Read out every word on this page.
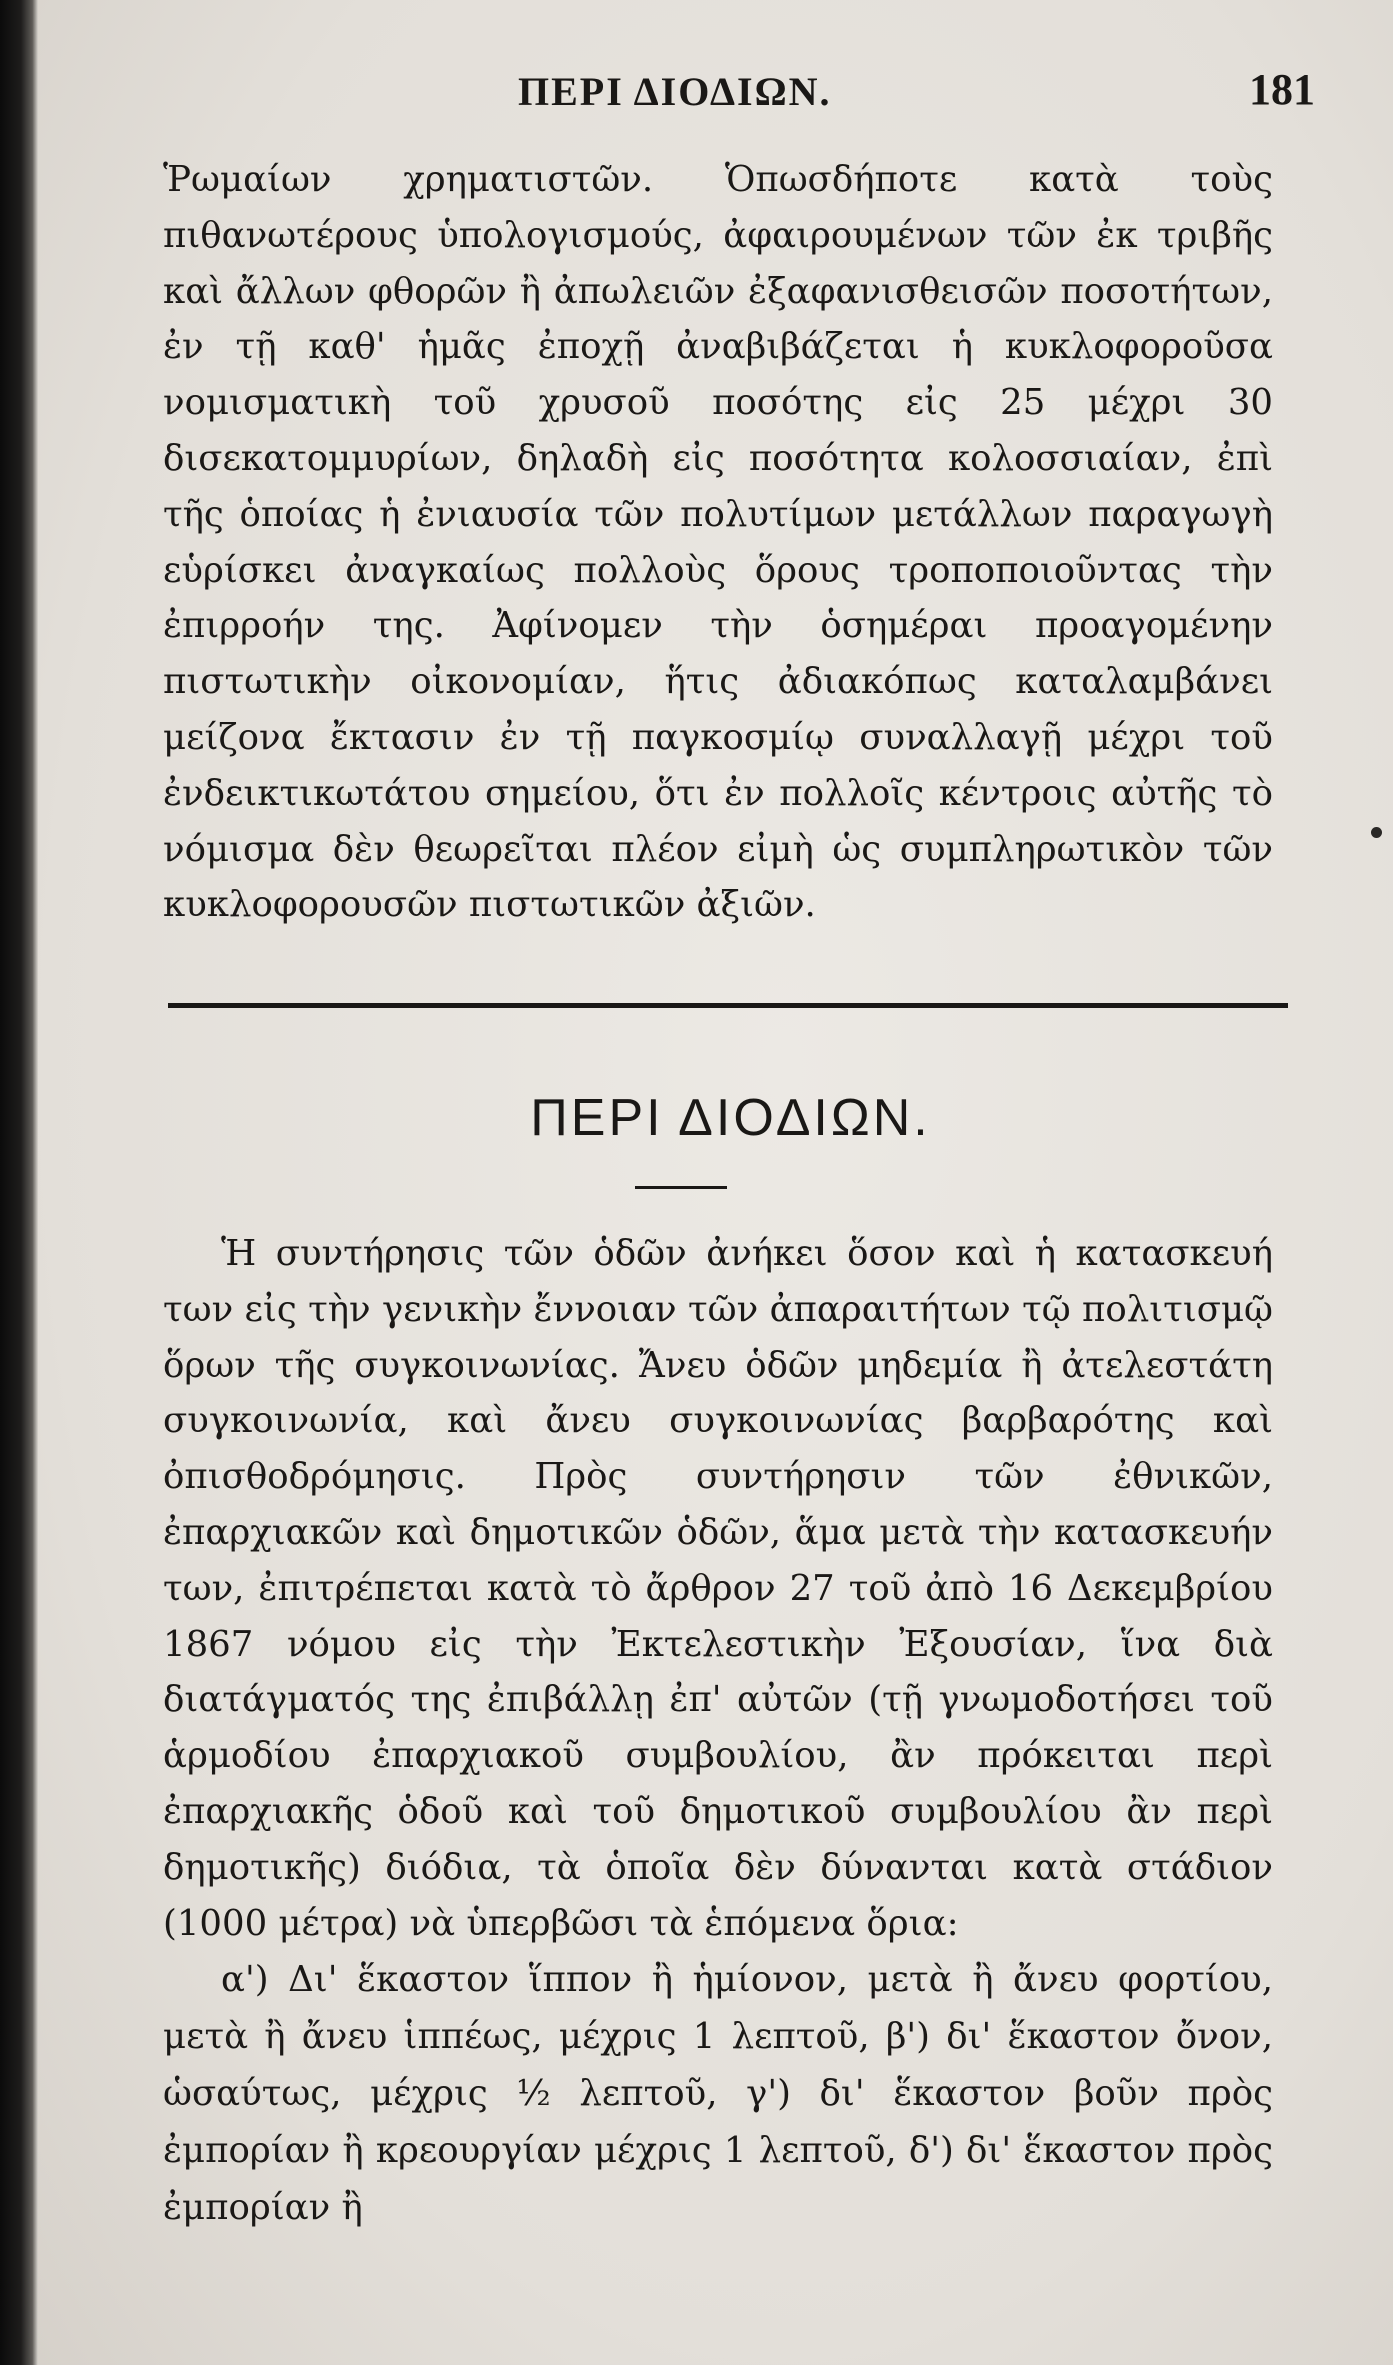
ΠΕΡΙ ΔΙΟΔΙΩΝ.	181

Ῥωμαίων χρηματιστῶν. Ὁπωσδήποτε κατὰ τοὺς πιθανωτέρους ὑπολογισμούς, ἀφαιρουμένων τῶν ἐκ τριβῆς καὶ ἄλλων φθορῶν ἢ ἀπωλειῶν ἐξαφανισθεισῶν ποσοτήτων, ἐν τῇ καθ' ἡμᾶς ἐποχῇ ἀναβιβάζεται ἡ κυκλοφοροῦσα νομισματικὴ τοῦ χρυσοῦ ποσότης εἰς 25 μέχρι 30 δισεκατομμυρίων, δηλαδὴ εἰς ποσότητα κολοσσιαίαν, ἐπὶ τῆς ὁποίας ἡ ἐνιαυσία τῶν πολυτίμων μετάλλων παραγωγὴ εὑρίσκει ἀναγκαίως πολλοὺς ὅρους τροποποιοῦντας τὴν ἐπιρροήν της. Ἀφίνομεν τὴν ὁσημέραι προαγομένην πιστωτικὴν οἰκονομίαν, ἥτις ἀδιακόπως καταλαμβάνει μείζονα ἔκτασιν ἐν τῇ παγκοσμίῳ συναλλαγῇ μέχρι τοῦ ἐνδεικτικωτάτου σημείου, ὅτι ἐν πολλοῖς κέντροις αὐτῆς τὸ νόμισμα δὲν θεωρεῖται πλέον εἰμὴ ὡς συμπληρωτικὸν τῶν κυκλοφορουσῶν πιστωτικῶν ἀξιῶν.

ΠΕΡΙ ΔΙΟΔΙΩΝ.

Ἡ συντήρησις τῶν ὁδῶν ἀνήκει ὅσον καὶ ἡ κατασκευή των εἰς τὴν γενικὴν ἔννοιαν τῶν ἀπαραιτήτων τῷ πολιτισμῷ ὅρων τῆς συγκοινωνίας. Ἄνευ ὁδῶν μηδεμία ἢ ἀτελεστάτη συγκοινωνία, καὶ ἄνευ συγκοινωνίας βαρβαρότης καὶ ὀπισθοδρόμησις. Πρὸς συντήρησιν τῶν ἐθνικῶν, ἐπαρχιακῶν καὶ δημοτικῶν ὁδῶν, ἅμα μετὰ τὴν κατασκευήν των, ἐπιτρέπεται κατὰ τὸ ἄρθρον 27 τοῦ ἀπὸ 16 Δεκεμβρίου 1867 νόμου εἰς τὴν Ἐκτελεστικὴν Ἐξουσίαν, ἵνα διὰ διατάγματός της ἐπιβάλλῃ ἐπ' αὐτῶν (τῇ γνωμοδοτήσει τοῦ ἁρμοδίου ἐπαρχιακοῦ συμβουλίου, ἂν πρόκειται περὶ ἐπαρχιακῆς ὁδοῦ καὶ τοῦ δημοτικοῦ συμβουλίου ἂν περὶ δημοτικῆς) διόδια, τὰ ὁποῖα δὲν δύνανται κατὰ στάδιον (1000 μέτρα) νὰ ὑπερβῶσι τὰ ἑπόμενα ὅρια:

α') Δι' ἕκαστον ἵππον ἢ ἡμίονον, μετὰ ἢ ἄνευ φορτίου, μετὰ ἢ ἄνευ ἱππέως, μέχρις 1 λεπτοῦ, β') δι' ἕκαστον ὄνον, ὡσαύτως, μέχρις ½ λεπτοῦ, γ') δι' ἕκαστον βοῦν πρὸς ἐμπορίαν ἢ κρεουργίαν μέχρις 1 λεπτοῦ, δ') δι' ἕκαστον πρὸς ἐμπορίαν ἢ
